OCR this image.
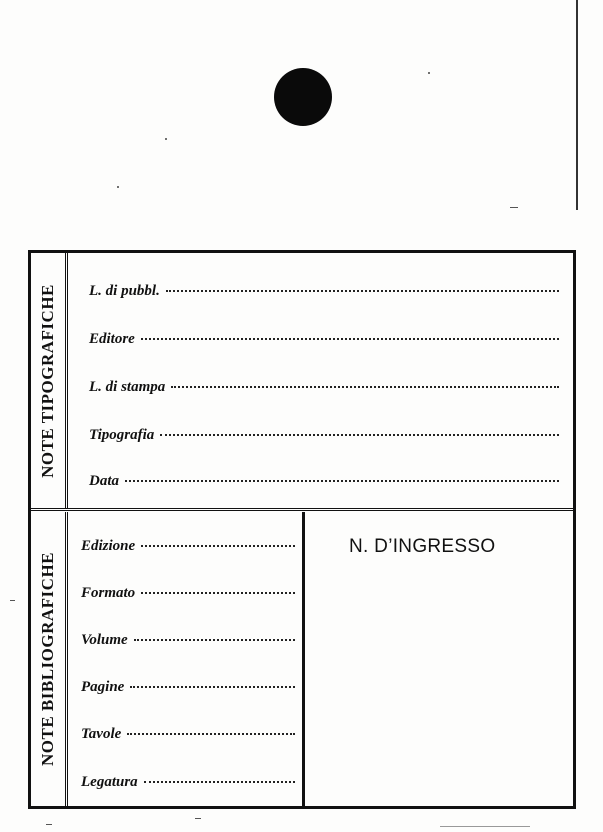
NOTE TIPOGRAFICHE L. di pubbl.
Editore
L. di stampa
Tipografia
Data
NOTE BIBLIOGRAFICHE
Edizione
Formato
Volume
Pagine
Tavole
Legatura
N. D’INGRESSO
